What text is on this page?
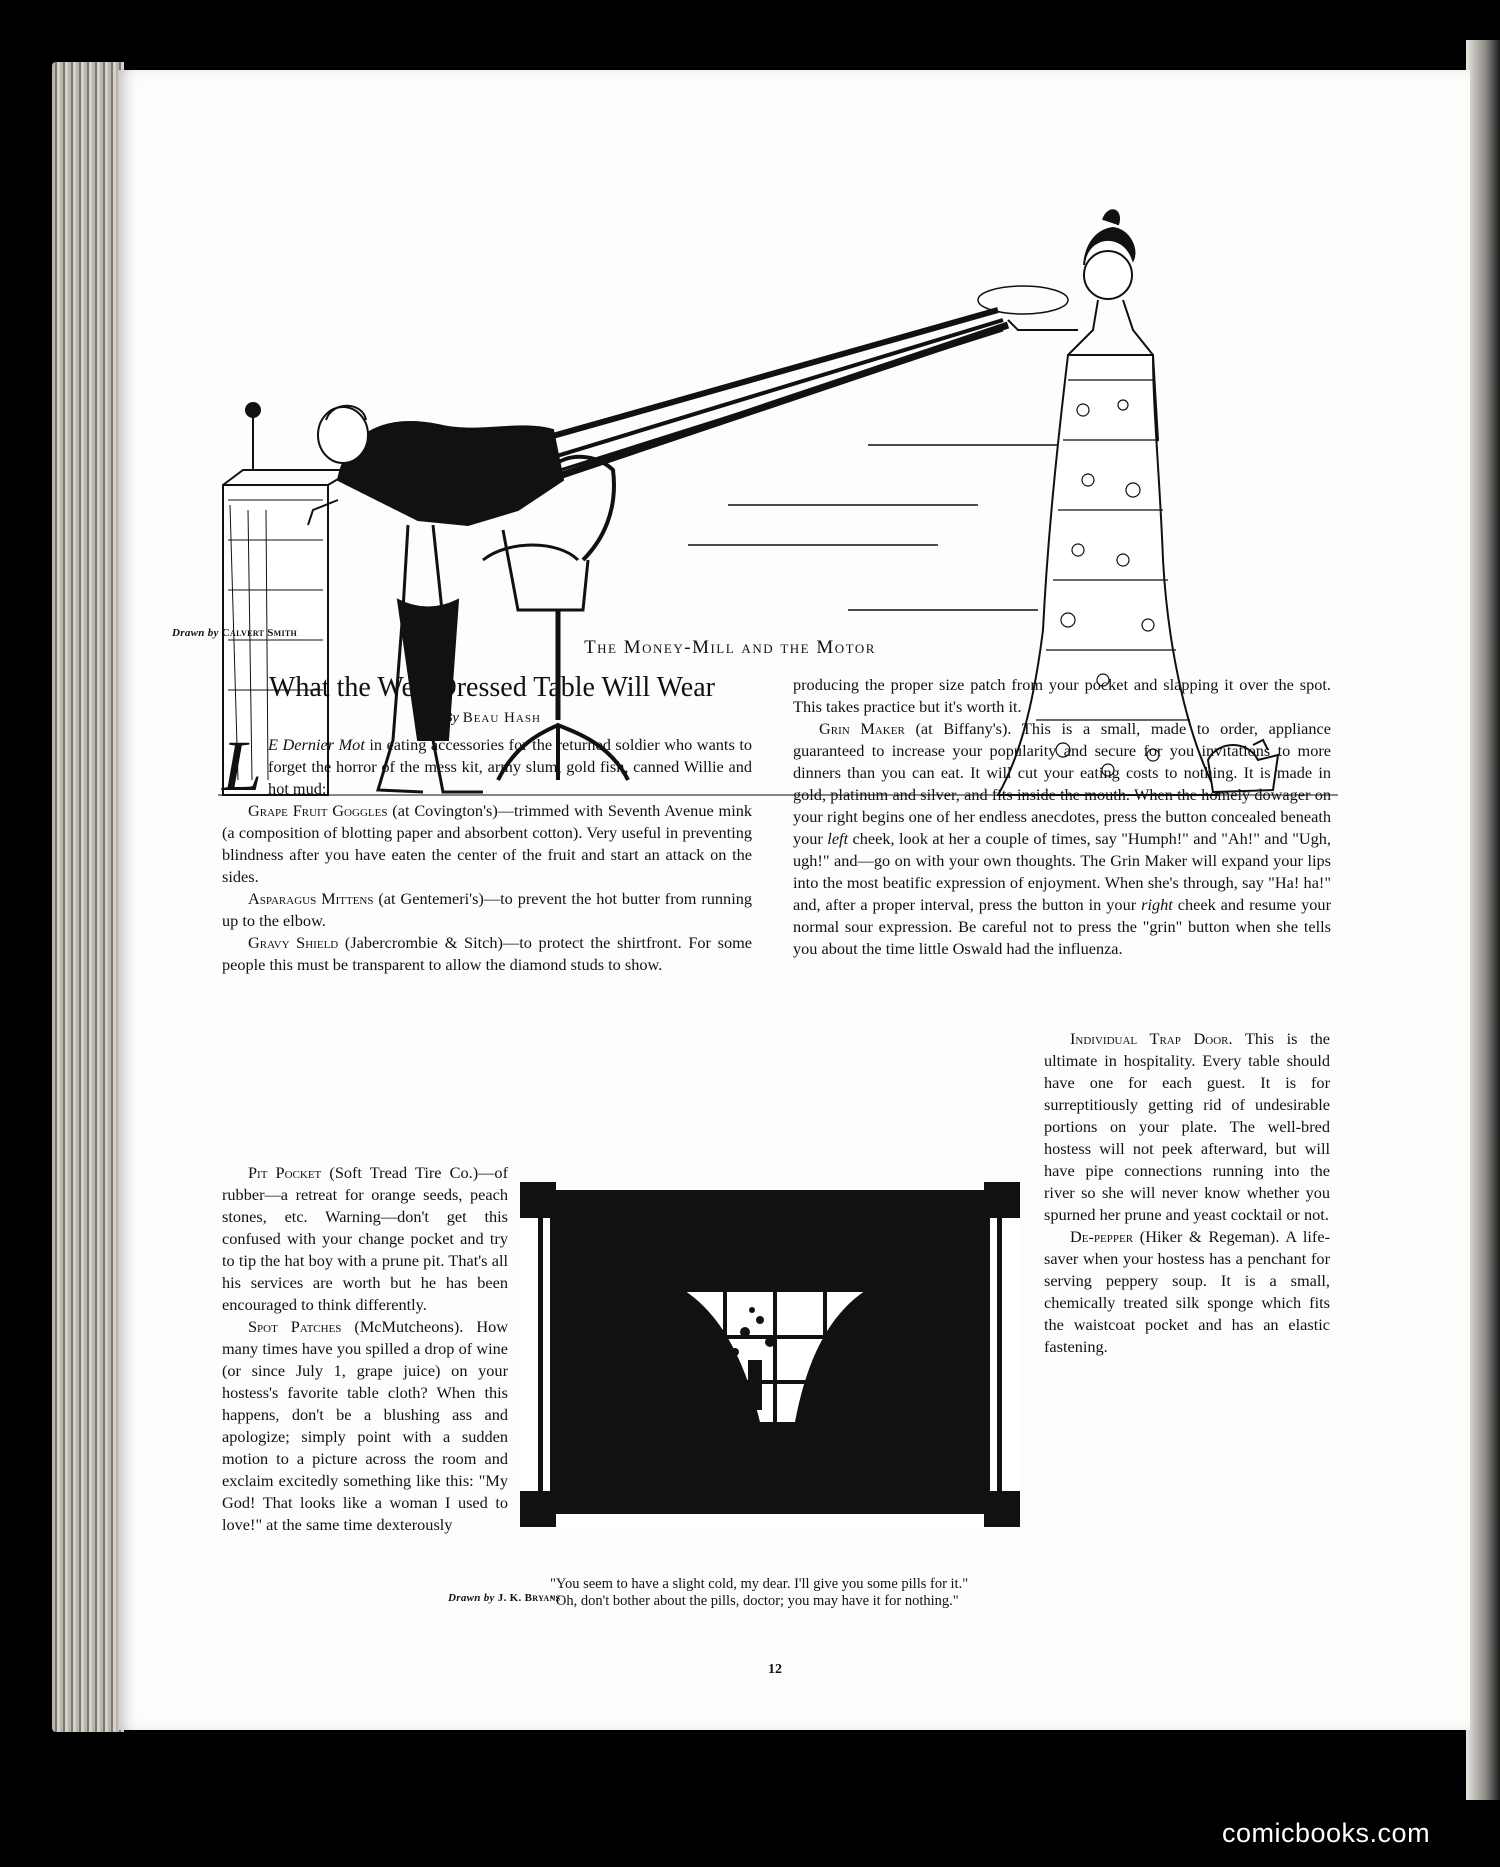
Drawn by Calvert Smith
The Money-Mill and the Motor
What the Well Dressed Table Will Wear
By Beau Hash

L E Dernier Mot in eating accessories for the returned soldier who wants to forget the horror of the mess kit, army slum, gold fish, canned Willie and hot mud:

Grape Fruit Goggles (at Covington's)—trimmed with Seventh Avenue mink (a composition of blotting paper and absorbent cotton). Very useful in preventing blindness after you have eaten the center of the fruit and start an attack on the sides.

Asparagus Mittens (at Gentemeri's)—to prevent the hot butter from running up to the elbow.

Gravy Shield (Jabercrombie & Sitch)—to protect the shirtfront. For some people this must be transparent to allow the diamond studs to show.

Pit Pocket (Soft Tread Tire Co.)—of rubber—a retreat for orange seeds, peach stones, etc. Warning—don't get this confused with your change pocket and try to tip the hat boy with a prune pit. That's all his services are worth but he has been encouraged to think differently.

Spot Patches (McMutcheons). How many times have you spilled a drop of wine (or since July 1, grape juice) on your hostess's favorite table cloth? When this happens, don't be a blushing ass and apologize; simply point with a sudden motion to a picture across the room and exclaim excitedly something like this: "My God! That looks like a woman I used to love!" at the same time dexterously

producing the proper size patch from your pocket and slapping it over the spot. This takes practice but it's worth it.

Grin Maker (at Biffany's). This is a small, made to order, appliance guaranteed to increase your popularity and secure for you invitations to more dinners than you can eat. It will cut your eating costs to nothing. It is made in gold, platinum and silver, and fits inside the mouth. When the homely dowager on your right begins one of her endless anecdotes, press the button concealed beneath your left cheek, look at her a couple of times, say "Humph!" and "Ah!" and "Ugh, ugh!" and—go on with your own thoughts. The Grin Maker will expand your lips into the most beatific expression of enjoyment. When she's through, say "Ha! ha!" and, after a proper interval, press the button in your right cheek and resume your normal sour expression. Be careful not to press the "grin" button when she tells you about the time little Oswald had the influenza.

Individual Trap Door. This is the ultimate in hospitality. Every table should have one for each guest. It is for surreptitiously getting rid of undesirable portions on your plate. The well-bred hostess will not peek afterward, but will have pipe connections running into the river so she will never know whether you spurned her prune and yeast cocktail or not.

De-pepper (Hiker & Regeman). A life-saver when your hostess has a penchant for serving peppery soup. It is a small, chemically treated silk sponge which fits the waistcoat pocket and has an elastic fastening.

Drawn by J. K. Bryans

"You seem to have a slight cold, my dear. I'll give you some pills for it."

"Oh, don't bother about the pills, doctor; you may have it for nothing."

12
comicbooks.com
